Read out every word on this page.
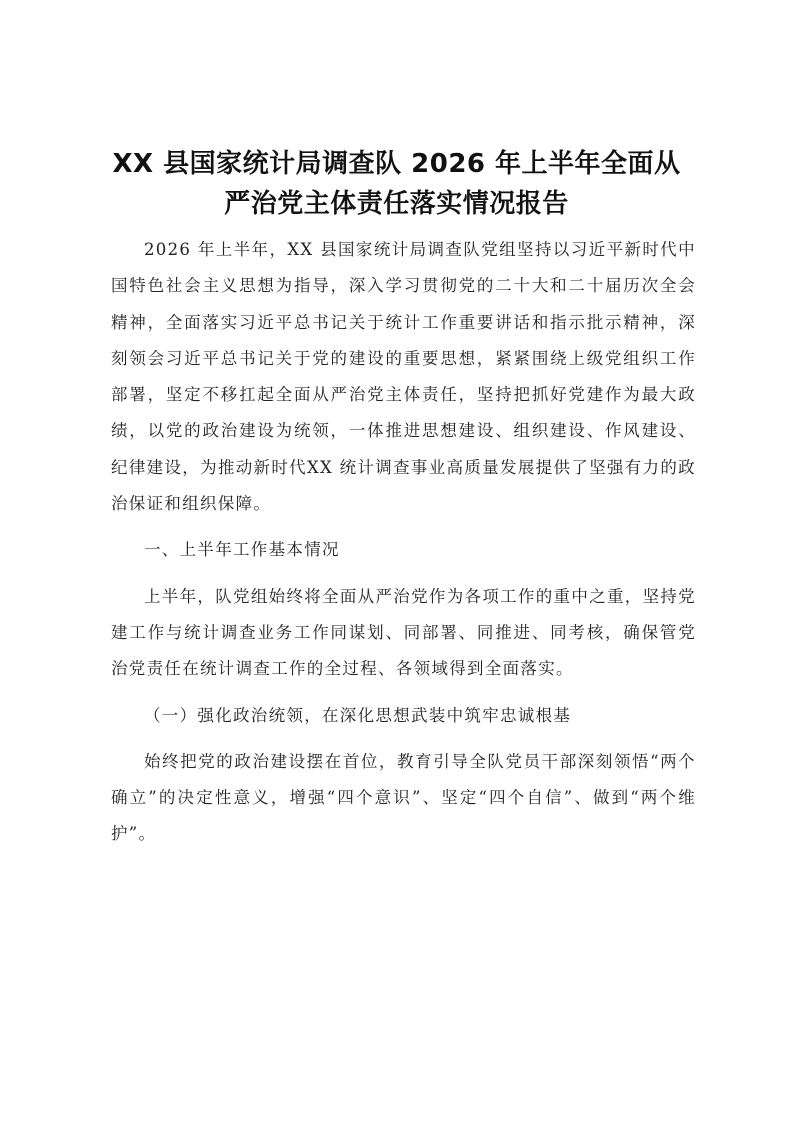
XX 县国家统计局调查队 2026 年上半年全面从
严治党主体责任落实情况报告

2026 年上半年，XX 县国家统计局调查队党组坚持以习近平新时代中国特色社会主义思想为指导，深入学习贯彻党的二十大和二十届历次全会精神，全面落实习近平总书记关于统计工作重要讲话和指示批示精神，深刻领会习近平总书记关于党的建设的重要思想，紧紧围绕上级党组织工作部署，坚定不移扛起全面从严治党主体责任，坚持把抓好党建作为最大政绩，以党的政治建设为统领，一体推进思想建设、组织建设、作风建设、纪律建设，为推动新时代XX 统计调查事业高质量发展提供了坚强有力的政治保证和组织保障。

一、上半年工作基本情况

上半年，队党组始终将全面从严治党作为各项工作的重中之重，坚持党建工作与统计调查业务工作同谋划、同部署、同推进、同考核，确保管党治党责任在统计调查工作的全过程、各领域得到全面落实。

（一）强化政治统领，在深化思想武装中筑牢忠诚根基

始终把党的政治建设摆在首位，教育引导全队党员干部深刻领悟“两个确立”的决定性意义，增强“四个意识”、坚定“四个自信”、做到“两个维护”。
